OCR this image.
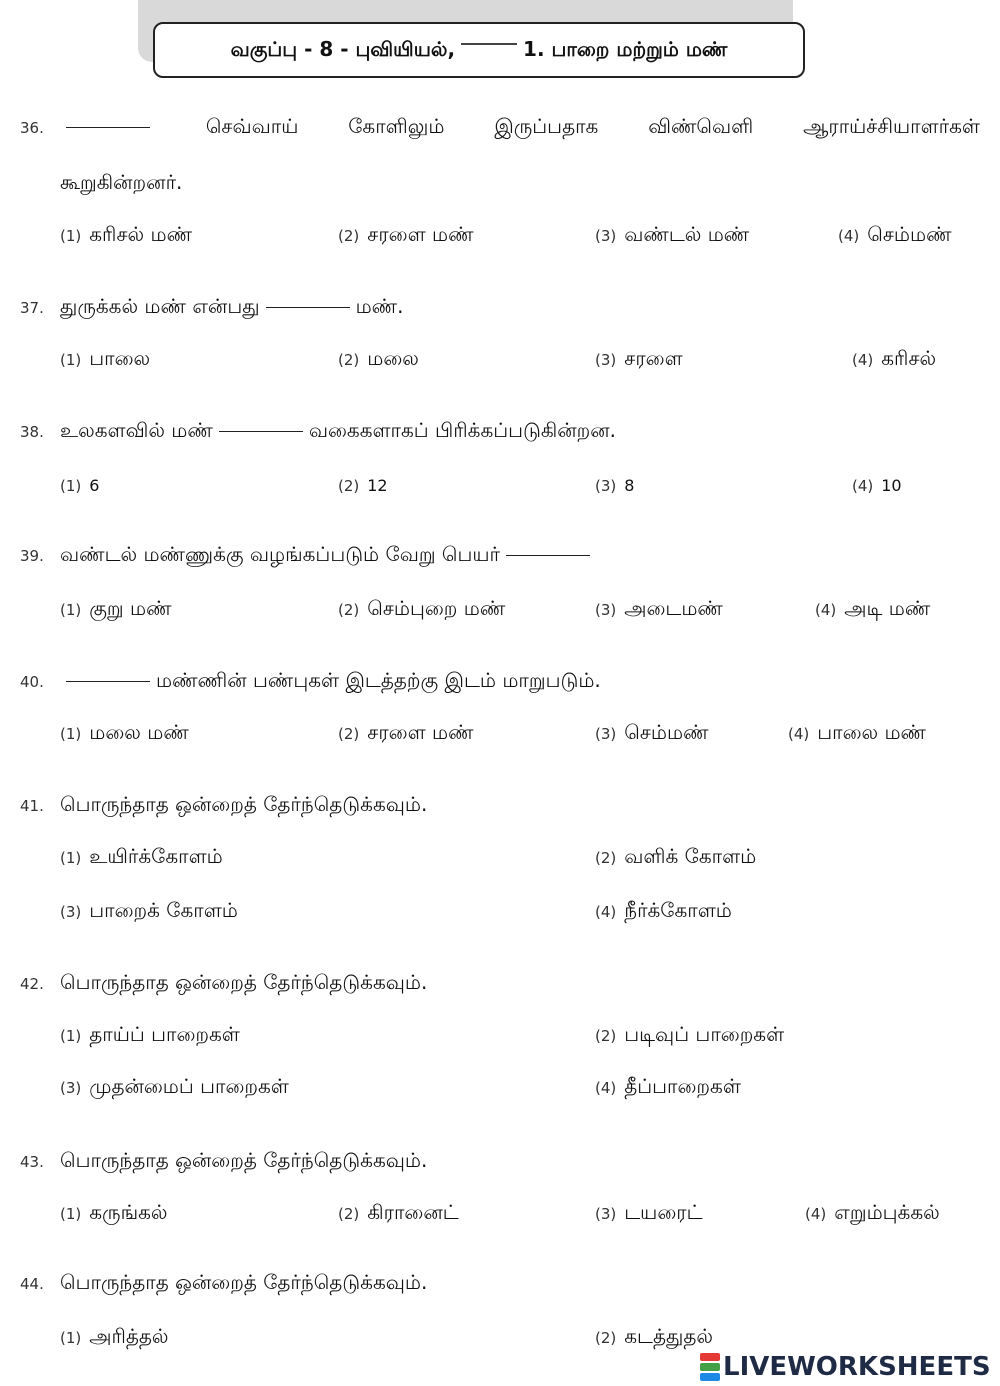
வகுப்பு - 8 - புவியியல்,	1. பாறை மற்றும் மண்
36.	செவ்வாய் கோளிலும் இருப்பதாக விண்வெளி ஆராய்ச்சியாளர்கள்
கூறுகின்றனர்.
(1) கரிசல் மண்	(2) சரளை மண்	(3) வண்டல் மண்	(4) செம்மண்
37. துருக்கல் மண் என்பது	மண்.
(1) பாலை	(2) மலை	(3) சரளை	(4) கரிசல்
38. உலகளவில் மண்	வகைகளாகப் பிரிக்கப்படுகின்றன.
(1) 6	(2) 12	(3) 8	(4) 10
39. வண்டல் மண்ணுக்கு வழங்கப்படும் வேறு பெயர்
(1) குறு மண்	(2) செம்புறை மண்	(3) அடைமண்	(4) அடி மண்
40.	மண்ணின் பண்புகள் இடத்தற்கு இடம் மாறுபடும்.
(1) மலை மண்	(2) சரளை மண்	(3) செம்மண்	(4) பாலை மண்
41. பொருந்தாத ஒன்றைத் தேர்ந்தெடுக்கவும்.
(1) உயிர்க்கோளம்	(2) வளிக் கோளம்
(3) பாறைக் கோளம்	(4) நீர்க்கோளம்
42. பொருந்தாத ஒன்றைத் தேர்ந்தெடுக்கவும்.
(1) தாய்ப் பாறைகள்	(2) படிவுப் பாறைகள்
(3) முதன்மைப் பாறைகள்	(4) தீப்பாறைகள்
43. பொருந்தாத ஒன்றைத் தேர்ந்தெடுக்கவும்.
(1) கருங்கல்	(2) கிரானைட்	(3) டயரைட்	(4) எறும்புக்கல்
44. பொருந்தாத ஒன்றைத் தேர்ந்தெடுக்கவும்.
(1) அரித்தல்	(2) கடத்துதல்
LIVEWORKSHEETS
